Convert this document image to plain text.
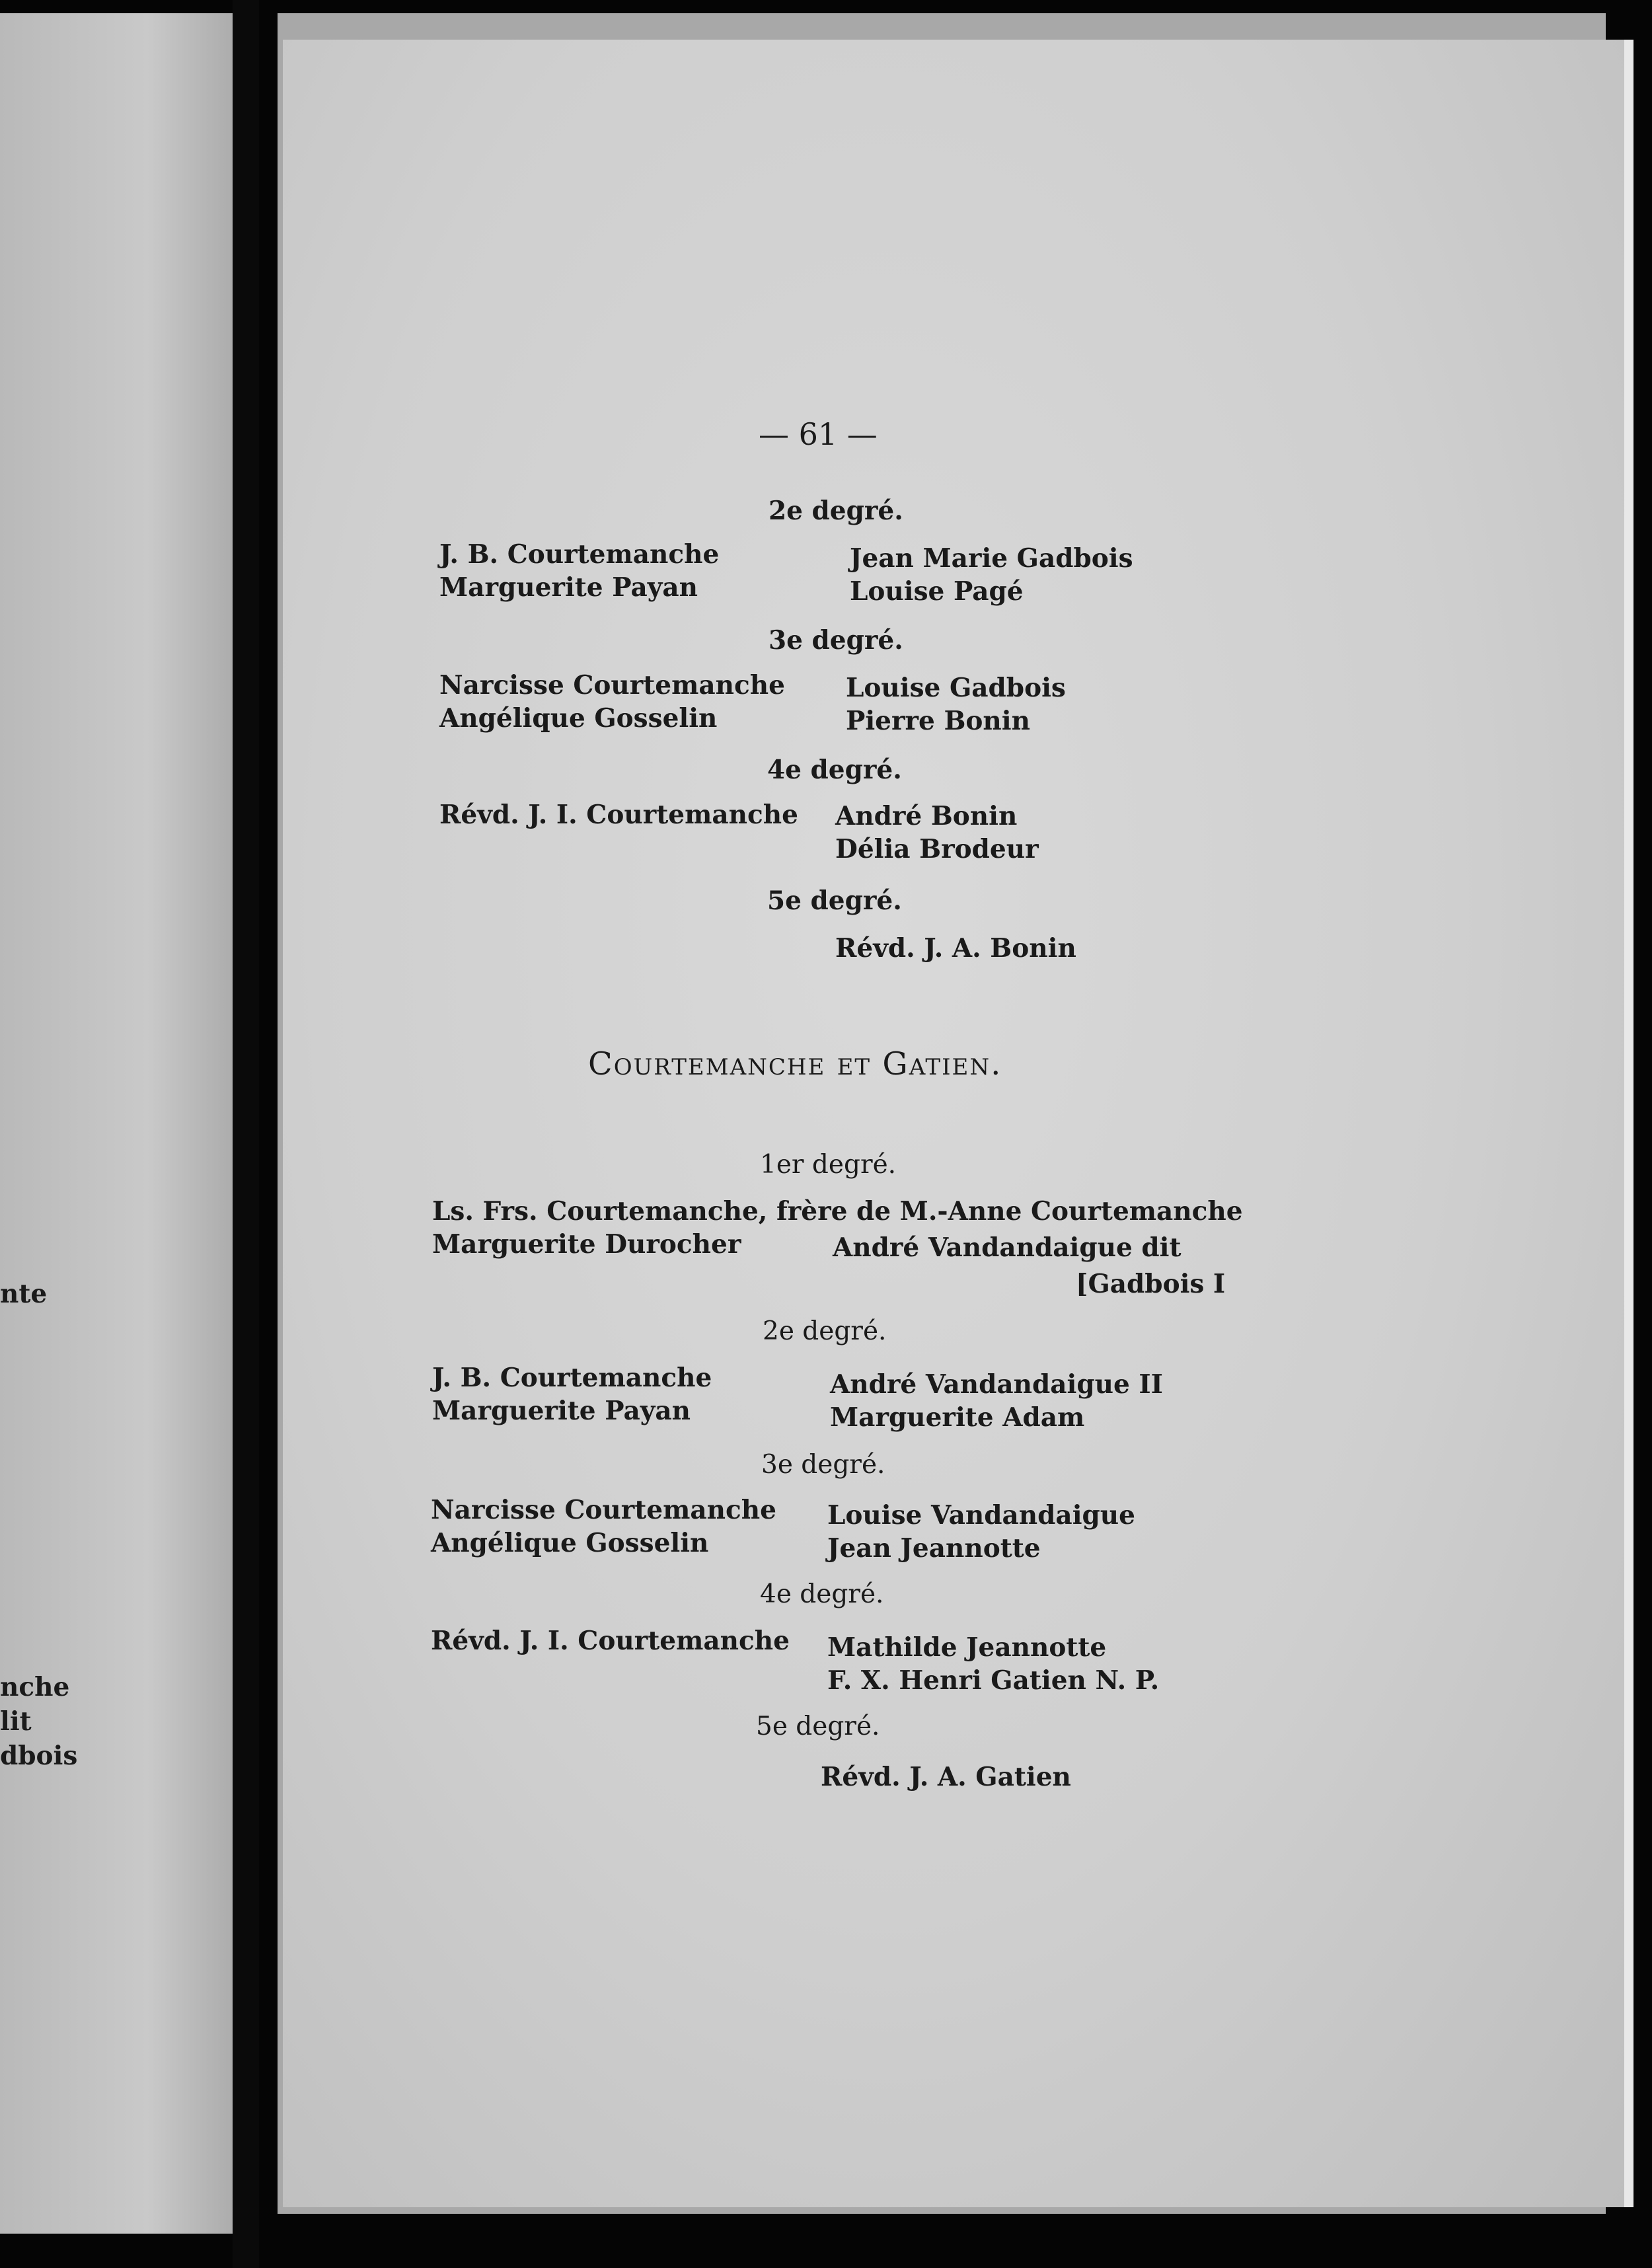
nte
nche
lit
dbois
— 61 —
2e degré.
J. B. Courtemanche
Marguerite Payan
Jean Marie Gadbois
Louise Pagé
3e degré.
Narcisse Courtemanche
Angélique Gosselin
Louise Gadbois
Pierre Bonin
4e degré.
Révd. J. I. Courtemanche André Bonin
Délia Brodeur
5e degré.
Révd. J. A. Bonin
Courtemanche et Gatien.
1er degré.
Ls. Frs. Courtemanche, frère de M.-Anne Courtemanche
Marguerite Durocher	André Vandandaigue dit
[Gadbois I
2e degré.
J. B. Courtemanche
Marguerite Payan
André Vandandaigue II
Marguerite Adam
3e degré.
Narcisse Courtemanche
Angélique Gosselin
Louise Vandandaigue
Jean Jeannotte
4e degré.
Révd. J. I. Courtemanche Mathilde Jeannotte
F. X. Henri Gatien N. P.
5e degré.
Révd. J. A. Gatien
